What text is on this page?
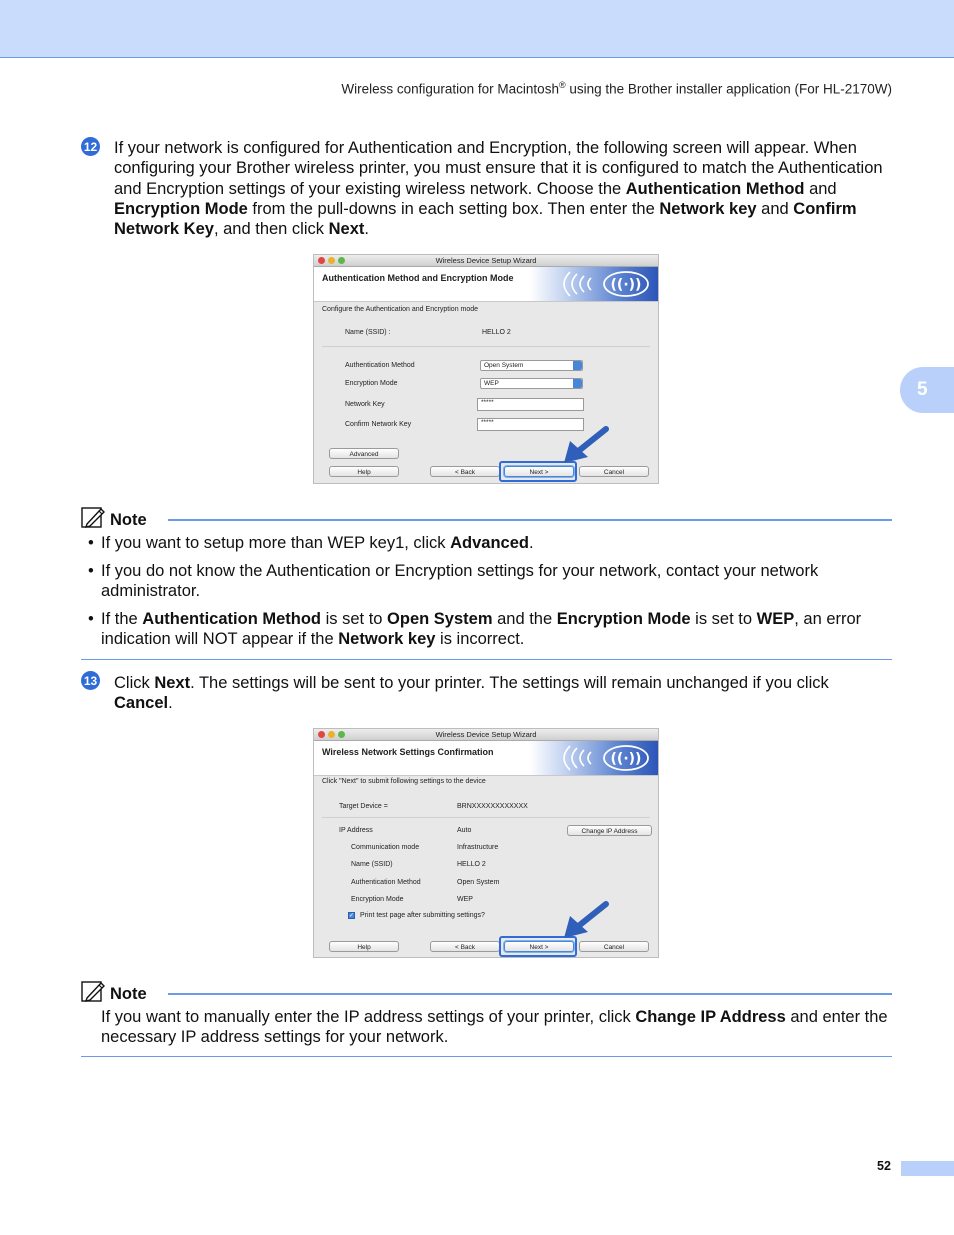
Wireless configuration for Macintosh® using the Brother installer application (For HL-2170W)
5
12 If your network is configured for Authentication and Encryption, the following screen will appear. When configuring your Brother wireless printer, you must ensure that it is configured to match the Authentication and Encryption settings of your existing wireless network. Choose the Authentication Method and Encryption Mode from the pull-downs in each setting box. Then enter the Network key and Confirm Network Key, and then click Next.
Wireless Device Setup Wizard
Authentication Method and Encryption Mode	((·))
Configure the Authentication and Encryption mode
Name (SSID) :	HELLO 2
Authentication Method	Open System
Encryption Mode	WEP
Network Key	*****
Confirm Network Key	*****
Advanced
Help	< Back	Next >	Cancel
Note
• If you want to setup more than WEP key1, click Advanced.
• If you do not know the Authentication or Encryption settings for your network, contact your network administrator.
• If the Authentication Method is set to Open System and the Encryption Mode is set to WEP, an error indication will NOT appear if the Network key is incorrect.
13 Click Next. The settings will be sent to your printer. The settings will remain unchanged if you click Cancel.
Wireless Device Setup Wizard
Wireless Network Settings Confirmation	((·))
Click "Next" to submit following settings to the device
Target Device =	BRNXXXXXXXXXXXX
IP Address	Auto	Change IP Address
Communication mode	Infrastructure
Name (SSID)	HELLO 2
Authentication Method	Open System
Encryption Mode	WEP
✓ Print test page after submitting settings?
Help	< Back	Next >	Cancel
Note
If you want to manually enter the IP address settings of your printer, click Change IP Address and enter the necessary IP address settings for your network.
52
